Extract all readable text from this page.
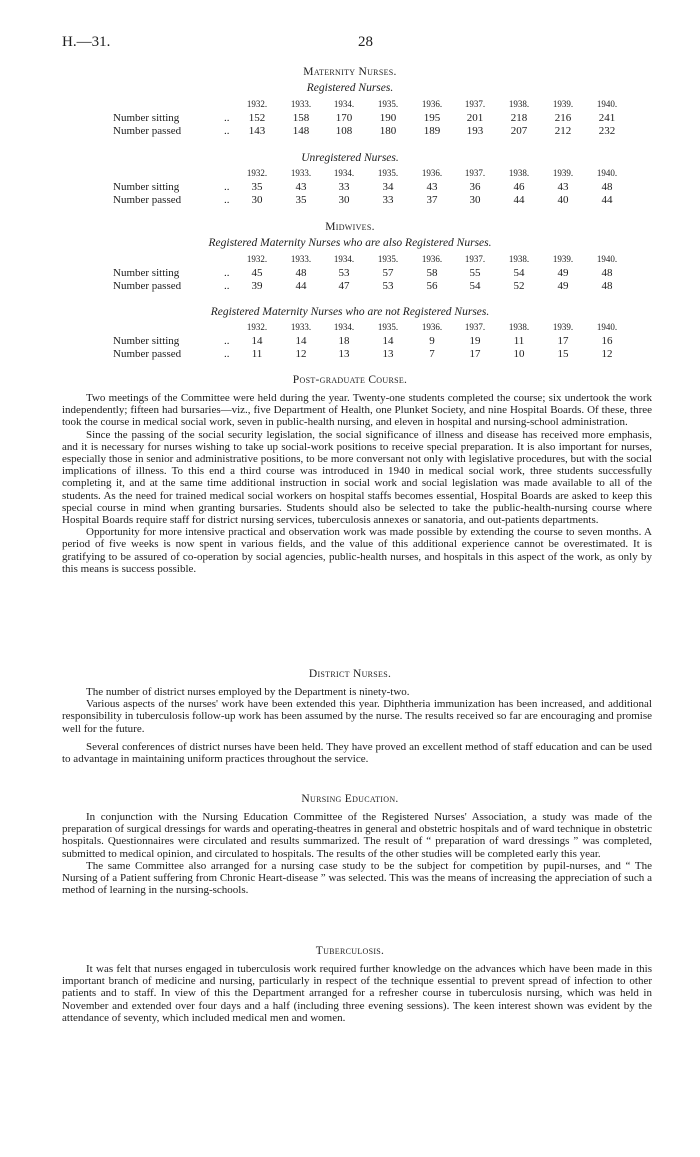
H.—31.	28
Maternity Nurses.
Registered Nurses.
1932.	1933.	1934.	1935.	1936.	1937.	1938.	1939.	1940.
Number sitting	..	152	158	170	190	195	201	218	216	241
Number passed	..	143	148	108	180	189	193	207	212	232
Unregistered Nurses.
1932.	1933.	1934.	1935.	1936.	1937.	1938.	1939.	1940.
Number sitting	..	35	43	33	34	43	36	46	43	48
Number passed	..	30	35	30	33	37	30	44	40	44
Midwives.
Registered Maternity Nurses who are also Registered Nurses.
1932.	1933.	1934.	1935.	1936.	1937.	1938.	1939.	1940.
Number sitting	..	45	48	53	57	58	55	54	49	48
Number passed	..	39	44	47	53	56	54	52	49	48
Registered Maternity Nurses who are not Registered Nurses.
1932.	1933.	1934.	1935.	1936.	1937.	1938.	1939.	1940.
Number sitting	..	14	14	18	14	9	19	11	17	16
Number passed	..	11	12	13	13	7	17	10	15	12
Post-graduate Course.

Two meetings of the Committee were held during the year. Twenty-one students completed the course; six undertook the work independently; fifteen had bursaries—viz., five Department of Health, one Plunket Society, and nine Hospital Boards. Of these, three took the course in medical social work, seven in public-health nursing, and eleven in hospital and nursing-school administration.

Since the passing of the social security legislation, the social significance of illness and disease has received more emphasis, and it is necessary for nurses wishing to take up social-work positions to receive special preparation. It is also important for nurses, especially those in senior and administrative positions, to be more conversant not only with legislative procedures, but with the social implications of illness. To this end a third course was introduced in 1940 in medical social work, three students successfully completing it, and at the same time additional instruction in social work and social legislation was made available to all of the students. As the need for trained medical social workers on hospital staffs becomes essential, Hospital Boards are asked to keep this special course in mind when granting bursaries. Students should also be selected to take the public-health-nursing course where Hospital Boards require staff for district nursing services, tuberculosis annexes or sanatoria, and out-patients departments.

Opportunity for more intensive practical and observation work was made possible by extending the course to seven months. A period of five weeks is now spent in various fields, and the value of this additional experience cannot be overestimated. It is gratifying to be assured of co-operation by social agencies, public-health nurses, and hospitals in this aspect of the work, as only by this means is success possible.

District Nurses.

The number of district nurses employed by the Department is ninety-two.

Various aspects of the nurses' work have been extended this year. Diphtheria immunization has been increased, and additional responsibility in tuberculosis follow-up work has been assumed by the nurse. The results received so far are encouraging and promise well for the future.

Several conferences of district nurses have been held. They have proved an excellent method of staff education and can be used to advantage in maintaining uniform practices throughout the service.

Nursing Education.

In conjunction with the Nursing Education Committee of the Registered Nurses' Association, a study was made of the preparation of surgical dressings for wards and operating-theatres in general and obstetric hospitals and of ward technique in obstetric hospitals. Questionnaires were circulated and results summarized. The result of “ preparation of ward dressings ” was completed, submitted to medical opinion, and circulated to hospitals. The results of the other studies will be completed early this year.

The same Committee also arranged for a nursing case study to be the subject for competition by pupil-nurses, and “ The Nursing of a Patient suffering from Chronic Heart-disease ” was selected. This was the means of increasing the appreciation of such a method of learning in the nursing-schools.

Tuberculosis.

It was felt that nurses engaged in tuberculosis work required further knowledge on the advances which have been made in this important branch of medicine and nursing, particularly in respect of the technique essential to prevent spread of infection to other patients and to staff. In view of this the Department arranged for a refresher course in tuberculosis nursing, which was held in November and extended over four days and a half (including three evening sessions). The keen interest shown was evident by the attendance of seventy, which included medical men and women.
